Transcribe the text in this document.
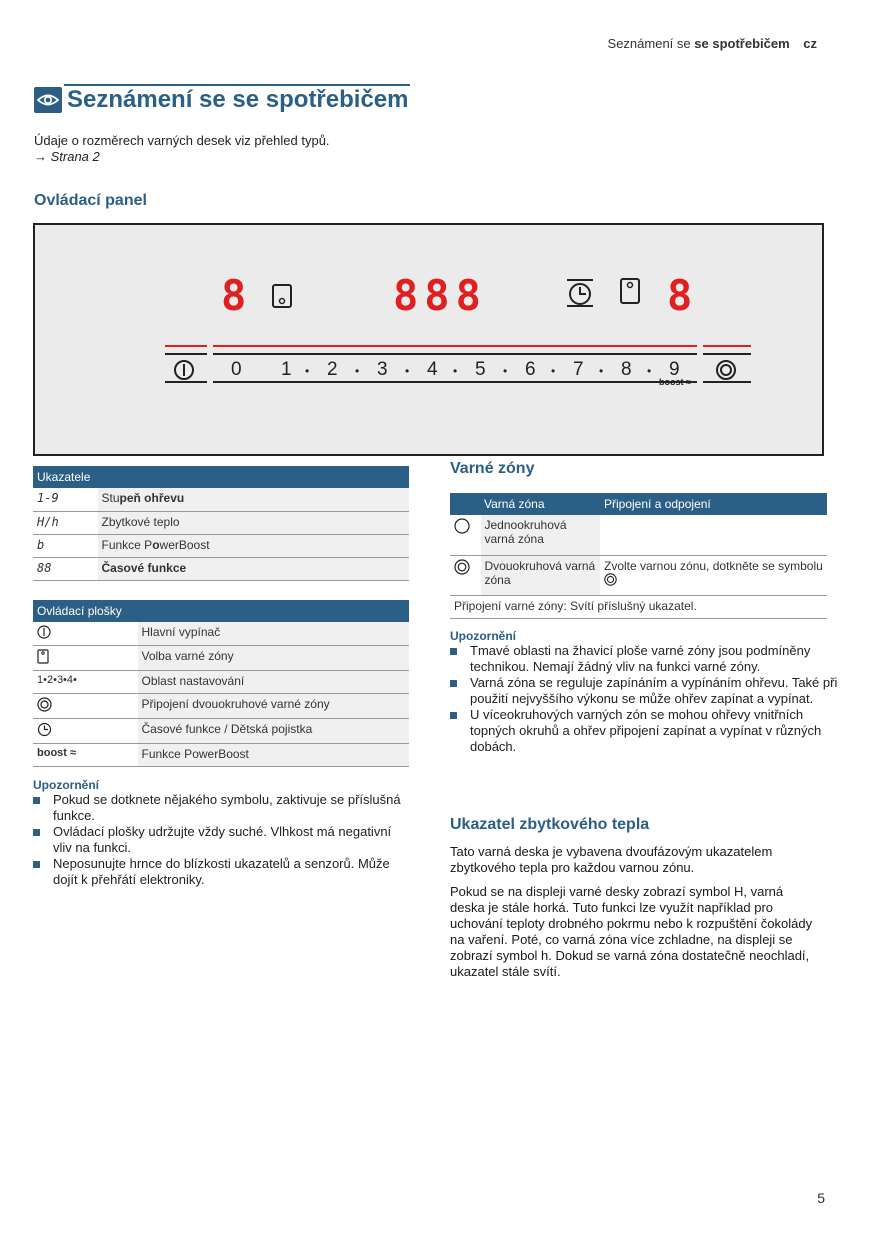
Seznámení se se spotřebičem cz
Seznámení se se spotřebičem
Údaje o rozměrech varných desek viz přehled typů.
→ Strana 2
Ovládací panel
8	888	8
0 1 • 2 • 3 • 4 • 5 • 6 • 7 • 8 • 9
boost ≈
Ukazatele	
1-9	Stupeň ohřevu
H/h	Zbytkové teplo
b	Funkce PowerBoost
88	Časové funkce
Ovládací plošky	
	Hlavní vypínač
	Volba varné zóny
1•2•3•4•	Oblast nastavování
	Připojení dvouokruhové varné zóny
	Časové funkce / Dětská pojistka
boost ≈	Funkce PowerBoost
Upozornění
Pokud se dotknete nějakého symbolu, zaktivuje se příslušná funkce.
Ovládací plošky udržujte vždy suché. Vlhkost má negativní vliv na funkci.
Neposunujte hrnce do blízkosti ukazatelů a senzorů. Může dojít k přehřátí elektroniky.
Varné zóny
	Varná zóna	Připojení a odpojení
	Jednookruhová varná zóna	
	Dvouokruhová varná zóna	Zvolte varnou zónu, dotkněte se symbolu
Připojení varné zóny: Svítí příslušný ukazatel.		
Upozornění
Tmavé oblasti na žhavicí ploše varné zóny jsou podmíněny technikou. Nemají žádný vliv na funkci varné zóny.
Varná zóna se reguluje zapínáním a vypínáním ohřevu. Také při použití nejvyššího výkonu se může ohřev zapínat a vypínat.
U víceokruhových varných zón se mohou ohřevy vnitřních topných okruhů a ohřev připojení zapínat a vypínat v různých dobách.
Ukazatel zbytkového tepla
Tato varná deska je vybavena dvoufázovým ukazatelem zbytkového tepla pro každou varnou zónu.
Pokud se na displeji varné desky zobrazí symbol H, varná deska je stále horká. Tuto funkci lze využít například pro uchování teploty drobného pokrmu nebo k rozpuštění čokolády na vaření. Poté, co varná zóna více zchladne, na displeji se zobrazí symbol h. Dokud se varná zóna dostatečně neochladí, ukazatel stále svítí.
5
